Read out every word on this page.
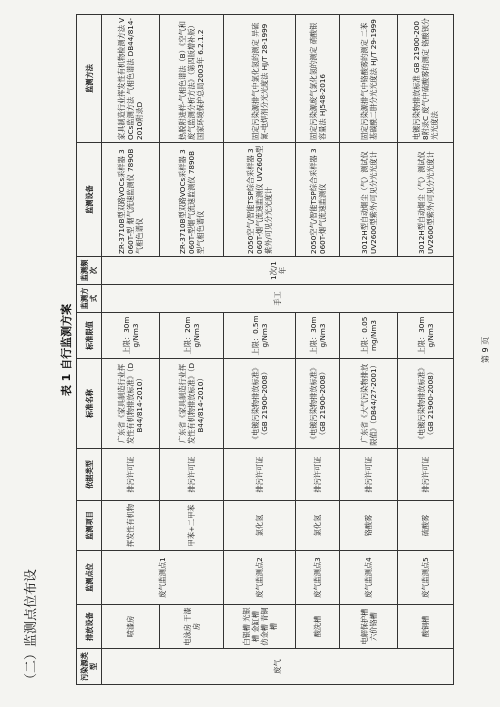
（二）监测点位布设
表 1 自行监测方案
污染源类型	排放设备	监测点位	监测项目	依据类型	标准名称	标准限值	监测方式	监测频次	监测设备	监测方法
废气	喷漆房	废气监测点1	挥发性有机物	排污许可证	广东省《家具制造行业挥发性有机物排放标准》（DB44/814-2010）	上限：30mg/Nm3	手工	1次/1年	ZR-3710B型双路VOCs采样器 3060T-型 烟气流速监测仪 7890B气相色谱仪	家具制造行业挥发性有机物检测方法 VOCs监测方法 气相色谱法 DB44/814-2010附录D
	电泳房 干漆房		甲苯+二甲苯	排污许可证	广东省《家具制造行业挥发性有机物排放标准》（DB44/814-2010）	上限：20mg/Nm3			ZR-3710B型双路VOCs采样器 3060T-型烟气流速监测仪 7890B型气相色谱仪	热脱附进样-气相色谱法（B）《空气和废气监测分析方法》（第四版增补版）国家环境保护总局2003年 6.2.1.2
	白银槽 光银槽 金缸槽 仿金槽 青铜槽	废气监测点2	氯化氢	排污许可证	《电镀污染物排放标准》（GB 21900-2008）	上限：0.5mg/Nm3			2050空气/智能TSP综合采样器 3060T-烟气流速监测仪 UV2600型紫外/可见分光光度计	固定污染源排气中氯化氢的测定 异硫氰-电焊剂分光光度法 HJ/T 28-1999
	酸洗槽	废气监测点3	氯化氢	排污许可证	《电镀污染物排放标准》（GB 21900-2008）	上限：30mg/Nm3			2050空气/智能TSP综合采样器 3060T-烟气流速监测仪	固定污染源废气氯化氢的测定 硝酸银容量法 HJ548-2016
	电解保护槽 六价铬槽	废气监测点4	铬酸雾	排污许可证	广东省《大气污染物排放限值》（DB44/27-2001）	上限：0.05mg/Nm3			3012H型自动烟尘（气）测试仪 UV2600型紫外/可见分光光度计	固定污染源排气中铬酸雾的测定 二苯基碳酰二肼分光光度法 HJ/T 29-1999
	酸铜槽	废气监测点5	硫酸雾	排污许可证	《电镀污染物排放标准》（GB 21900-2008）	上限：30mg/Nm3			3012H型自动烟尘（气）测试仪 UV2600型紫外/可见分光光度计	电镀污染物排放标准 GB 21900-2008附录C 废气中硫酸雾的测定 铬酸钡分光光度法
第 9 页
